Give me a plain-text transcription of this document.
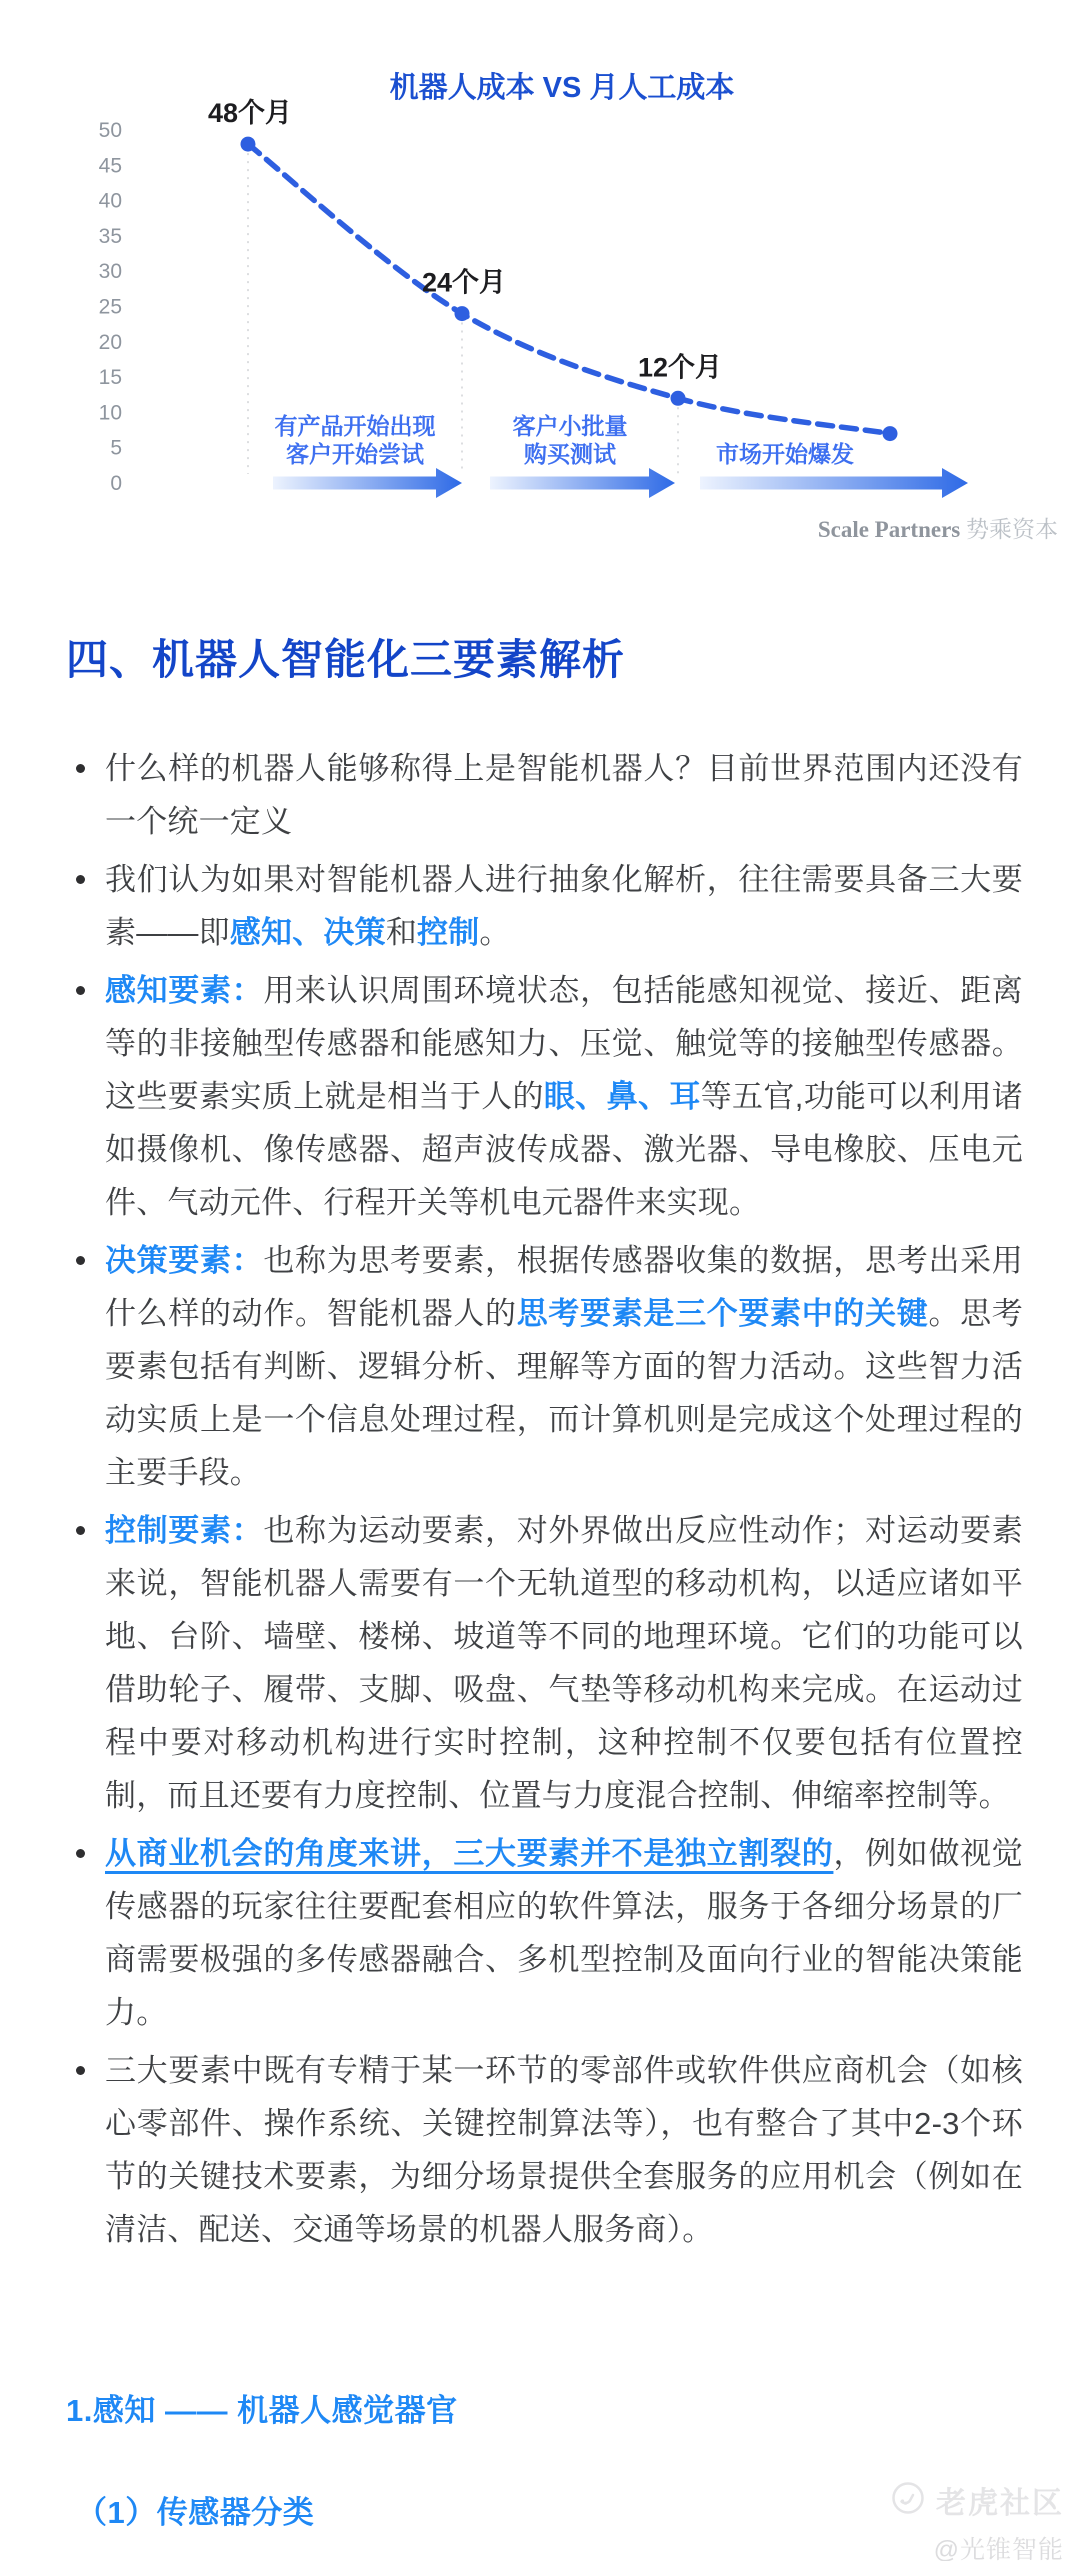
机器人成本 VS 月人工成本
0
5
10
15
20
25
30
35
40
45
50
48个月
24个月
12个月
有产品开始出现
客户开始尝试
客户小批量
购买测试	市场开始爆发
Scale Partners 势乘资本
四、机器人智能化三要素解析
什么样的机器人能够称得上是智能机器人？目前世界范围内还没有一个统一定义
我们认为如果对智能机器人进行抽象化解析，往往需要具备三大要素——即感知、决策和控制。
感知要素：用来认识周围环境状态，包括能感知视觉、接近、距离等的非接触型传感器和能感知力、压觉、触觉等的接触型传感器。这些要素实质上就是相当于人的眼、鼻、耳等五官,功能可以利用诸如摄像机、像传感器、超声波传成器、激光器、导电橡胶、压电元件、气动元件、行程开关等机电元器件来实现。
决策要素：也称为思考要素，根据传感器收集的数据，思考出采用什么样的动作。智能机器人的思考要素是三个要素中的关键。思考要素包括有判断、逻辑分析、理解等方面的智力活动。这些智力活动实质上是一个信息处理过程，而计算机则是完成这个处理过程的主要手段。
控制要素：也称为运动要素，对外界做出反应性动作；对运动要素来说，智能机器人需要有一个无轨道型的移动机构，以适应诸如平地、台阶、墙壁、楼梯、坡道等不同的地理环境。它们的功能可以借助轮子、履带、支脚、吸盘、气垫等移动机构来完成。在运动过程中要对移动机构进行实时控制，这种控制不仅要包括有位置控制，而且还要有力度控制、位置与力度混合控制、伸缩率控制等。
从商业机会的角度来讲，三大要素并不是独立割裂的，例如做视觉传感器的玩家往往要配套相应的软件算法，服务于各细分场景的厂商需要极强的多传感器融合、多机型控制及面向行业的智能决策能力。
三大要素中既有专精于某一环节的零部件或软件供应商机会（如核心零部件、操作系统、关键控制算法等），也有整合了其中2-3个环节的关键技术要素，为细分场景提供全套服务的应用机会（例如在清洁、配送、交通等场景的机器人服务商）。
1.感知 —— 机器人感觉器官
（1）传感器分类	老虎社区
@光锥智能
